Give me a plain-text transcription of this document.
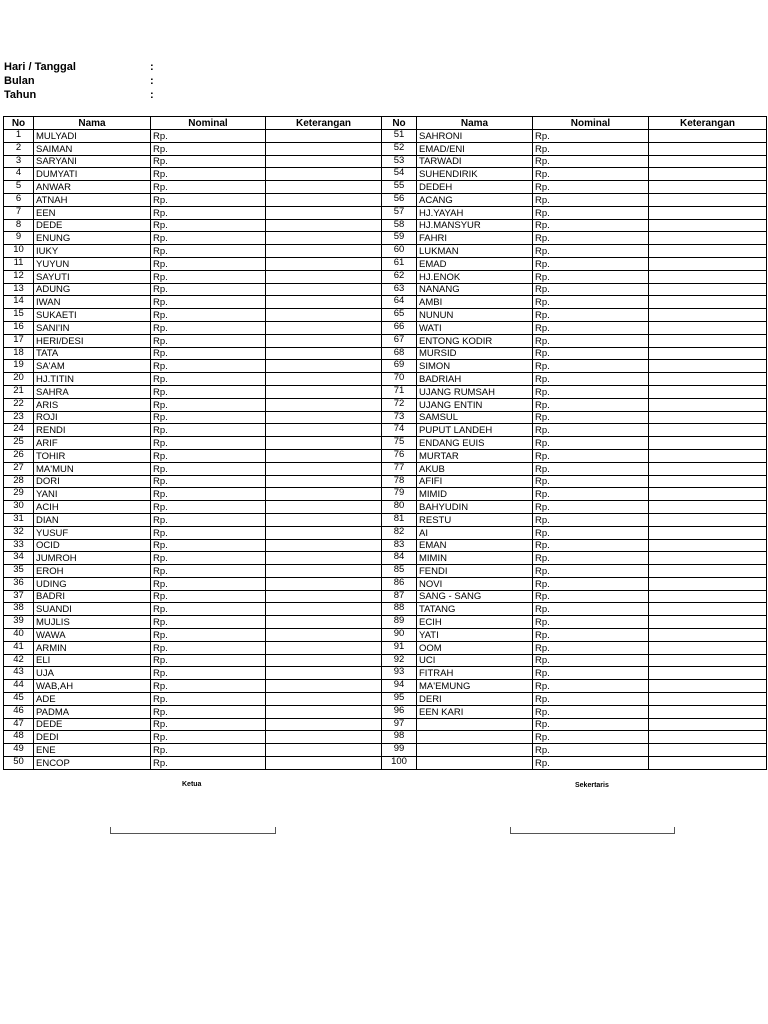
Hari / Tanggal	:
Bulan	:
Tahun	:
No	Nama	Nominal	Keterangan	No	Nama	Nominal	Keterangan
1	MULYADI	Rp.		51	SAHRONI	Rp.	
2	SAIMAN	Rp.		52	EMAD/ENI	Rp.	
3	SARYANI	Rp.		53	TARWADI	Rp.	
4	DUMYATI	Rp.		54	SUHENDIRIK	Rp.	
5	ANWAR	Rp.		55	DEDEH	Rp.	
6	ATNAH	Rp.		56	ACANG	Rp.	
7	EEN	Rp.		57	HJ.YAYAH	Rp.	
8	DEDE	Rp.		58	HJ.MANSYUR	Rp.	
9	ENUNG	Rp.		59	FAHRI	Rp.	
10	IUKY	Rp.		60	LUKMAN	Rp.	
11	YUYUN	Rp.		61	EMAD	Rp.	
12	SAYUTI	Rp.		62	HJ.ENOK	Rp.	
13	ADUNG	Rp.		63	NANANG	Rp.	
14	IWAN	Rp.		64	AMBI	Rp.	
15	SUKAETI	Rp.		65	NUNUN	Rp.	
16	SANI'IN	Rp.		66	WATI	Rp.	
17	HERI/DESI	Rp.		67	ENTONG KODIR	Rp.	
18	TATA	Rp.		68	MURSID	Rp.	
19	SA'AM	Rp.		69	SIMON	Rp.	
20	HJ.TITIN	Rp.		70	BADRIAH	Rp.	
21	SAHRA	Rp.		71	UJANG RUMSAH	Rp.	
22	ARIS	Rp.		72	UJANG ENTIN	Rp.	
23	ROJI	Rp.		73	SAMSUL	Rp.	
24	RENDI	Rp.		74	PUPUT LANDEH	Rp.	
25	ARIF	Rp.		75	ENDANG EUIS	Rp.	
26	TOHIR	Rp.		76	MURTAR	Rp.	
27	MA'MUN	Rp.		77	AKUB	Rp.	
28	DORI	Rp.		78	AFIFI	Rp.	
29	YANI	Rp.		79	MIMID	Rp.	
30	ACIH	Rp.		80	BAHYUDIN	Rp.	
31	DIAN	Rp.		81	RESTU	Rp.	
32	YUSUF	Rp.		82	AI	Rp.	
33	OCID	Rp.		83	EMAN	Rp.	
34	JUMROH	Rp.		84	MIMIN	Rp.	
35	EROH	Rp.		85	FENDI	Rp.	
36	UDING	Rp.		86	NOVI	Rp.	
37	BADRI	Rp.		87	SANG - SANG	Rp.	
38	SUANDI	Rp.		88	TATANG	Rp.	
39	MUJLIS	Rp.		89	ECIH	Rp.	
40	WAWA	Rp.		90	YATI	Rp.	
41	ARMIN	Rp.		91	OOM	Rp.	
42	ELI	Rp.		92	UCI	Rp.	
43	UJA	Rp.		93	FITRAH	Rp.	
44	WAB,AH	Rp.		94	MA'EMUNG	Rp.	
45	ADE	Rp.		95	DERI	Rp.	
46	PADMA	Rp.		96	EEN KARI	Rp.	
47	DEDE	Rp.		97		Rp.	
48	DEDI	Rp.		98		Rp.	
49	ENE	Rp.		99		Rp.	
50	ENCOP	Rp.		100		Rp.	
Ketua	Sekertaris
